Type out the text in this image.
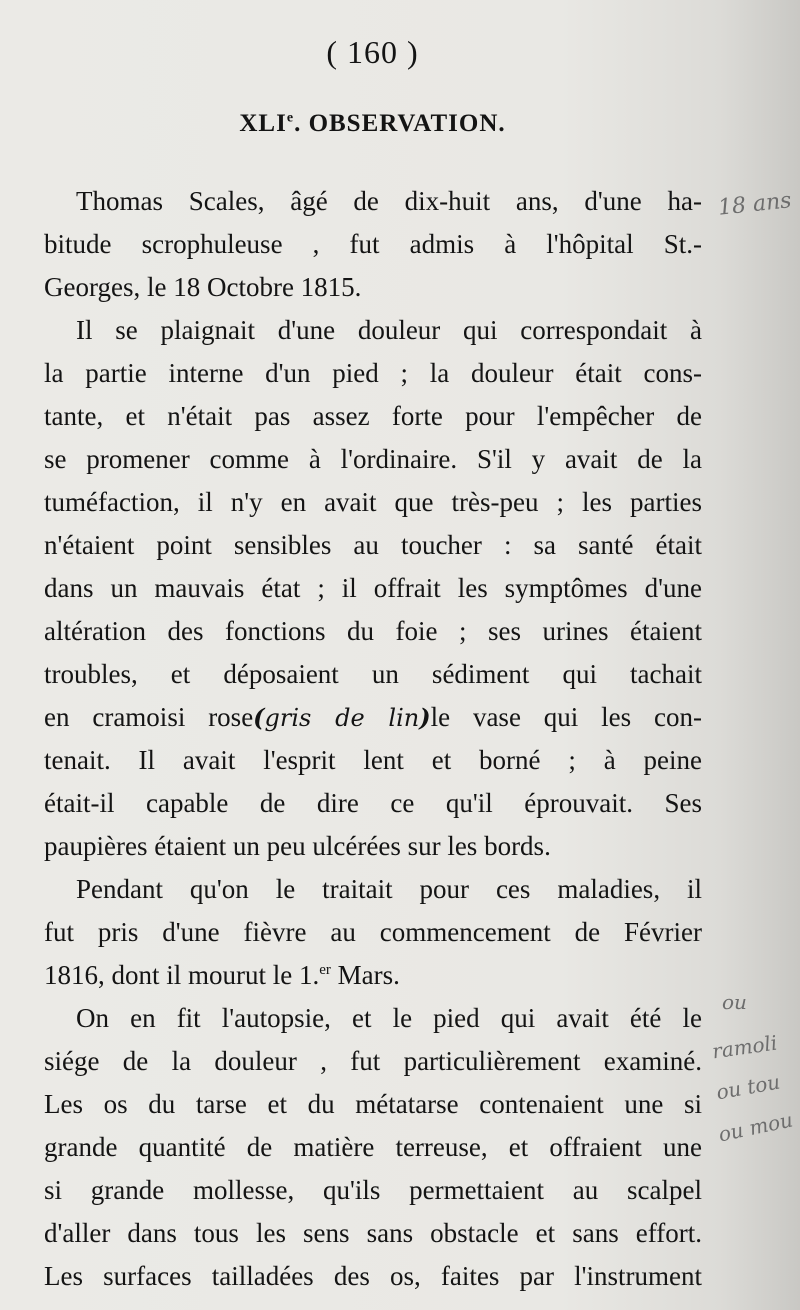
( 160 )
XLIe. OBSERVATION.
Thomas Scales, âgé de dix-huit ans, d'une ha-
bitude scrophuleuse , fut admis à l'hôpital St.-
Georges, le 18 Octobre 1815.
Il se plaignait d'une douleur qui correspondait à
la partie interne d'un pied ; la douleur était cons-
tante, et n'était pas assez forte pour l'empêcher de
se promener comme à l'ordinaire. S'il y avait de la
tuméfaction, il n'y en avait que très-peu ; les parties
n'étaient point sensibles au toucher : sa santé était
dans un mauvais état ; il offrait les symptômes d'une
altération des fonctions du foie ; ses urines étaient
troubles, et déposaient un sédiment qui tachait
en cramoisi rose( gris de lin ) le vase qui les con-
tenait. Il avait l'esprit lent et borné ; à peine
était-il capable de dire ce qu'il éprouvait. Ses
paupières étaient un peu ulcérées sur les bords.
Pendant qu'on le traitait pour ces maladies, il
fut pris d'une fièvre au commencement de Février
1816, dont il mourut le 1.$^{er}$ Mars.
On en fit l'autopsie, et le pied qui avait été le
siége de la douleur , fut particulièrement examiné.
Les os du tarse et du métatarse contenaient une si
grande quantité de matière terreuse, et offraient une
si grande mollesse, qu'ils permettaient au scalpel
d'aller dans tous les sens sans obstacle et sans effort.
Les surfaces tailladées des os, faites par l'instrument
18 ans
ou
ramoli
ou tou
ou mou
